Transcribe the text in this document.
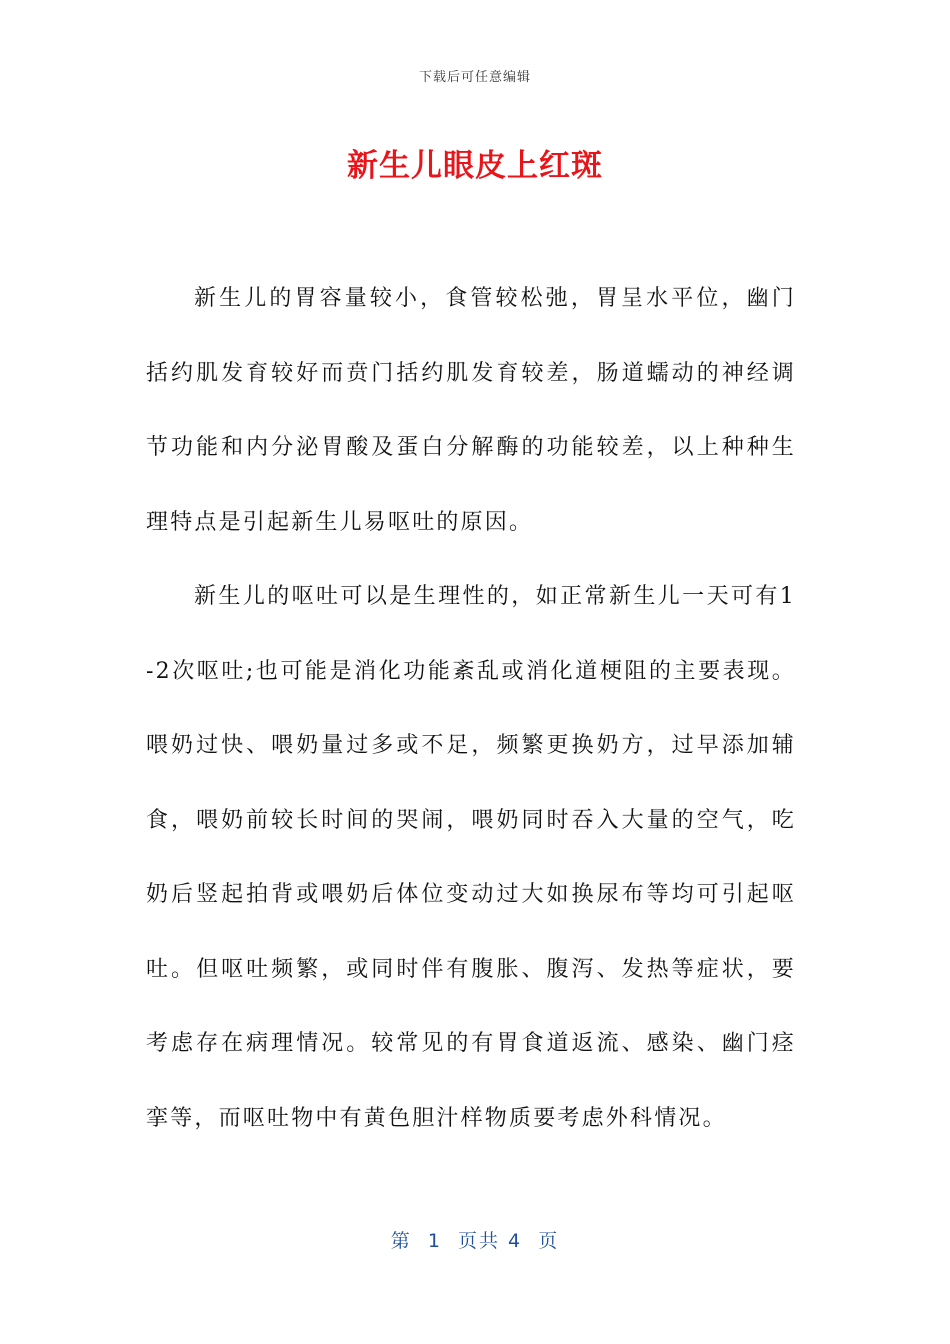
下载后可任意编辑
新生儿眼皮上红斑

新生儿的胃容量较小，食管较松弛，胃呈水平位，幽门括约肌发育较好而贲门括约肌发育较差，肠道蠕动的神经调节功能和内分泌胃酸及蛋白分解酶的功能较差，以上种种生理特点是引起新生儿易呕吐的原因。

新生儿的呕吐可以是生理性的，如正常新生儿一天可有1-2次呕吐;也可能是消化功能紊乱或消化道梗阻的主要表现。喂奶过快、喂奶量过多或不足，频繁更换奶方，过早添加辅食，喂奶前较长时间的哭闹，喂奶同时吞入大量的空气，吃奶后竖起拍背或喂奶后体位变动过大如换尿布等均可引起呕吐。但呕吐频繁，或同时伴有腹胀、腹泻、发热等症状，要考虑存在病理情况。较常见的有胃食道返流、感染、幽门痉挛等，而呕吐物中有黄色胆汁样物质要考虑外科情况。

第  1  页共 4  页
